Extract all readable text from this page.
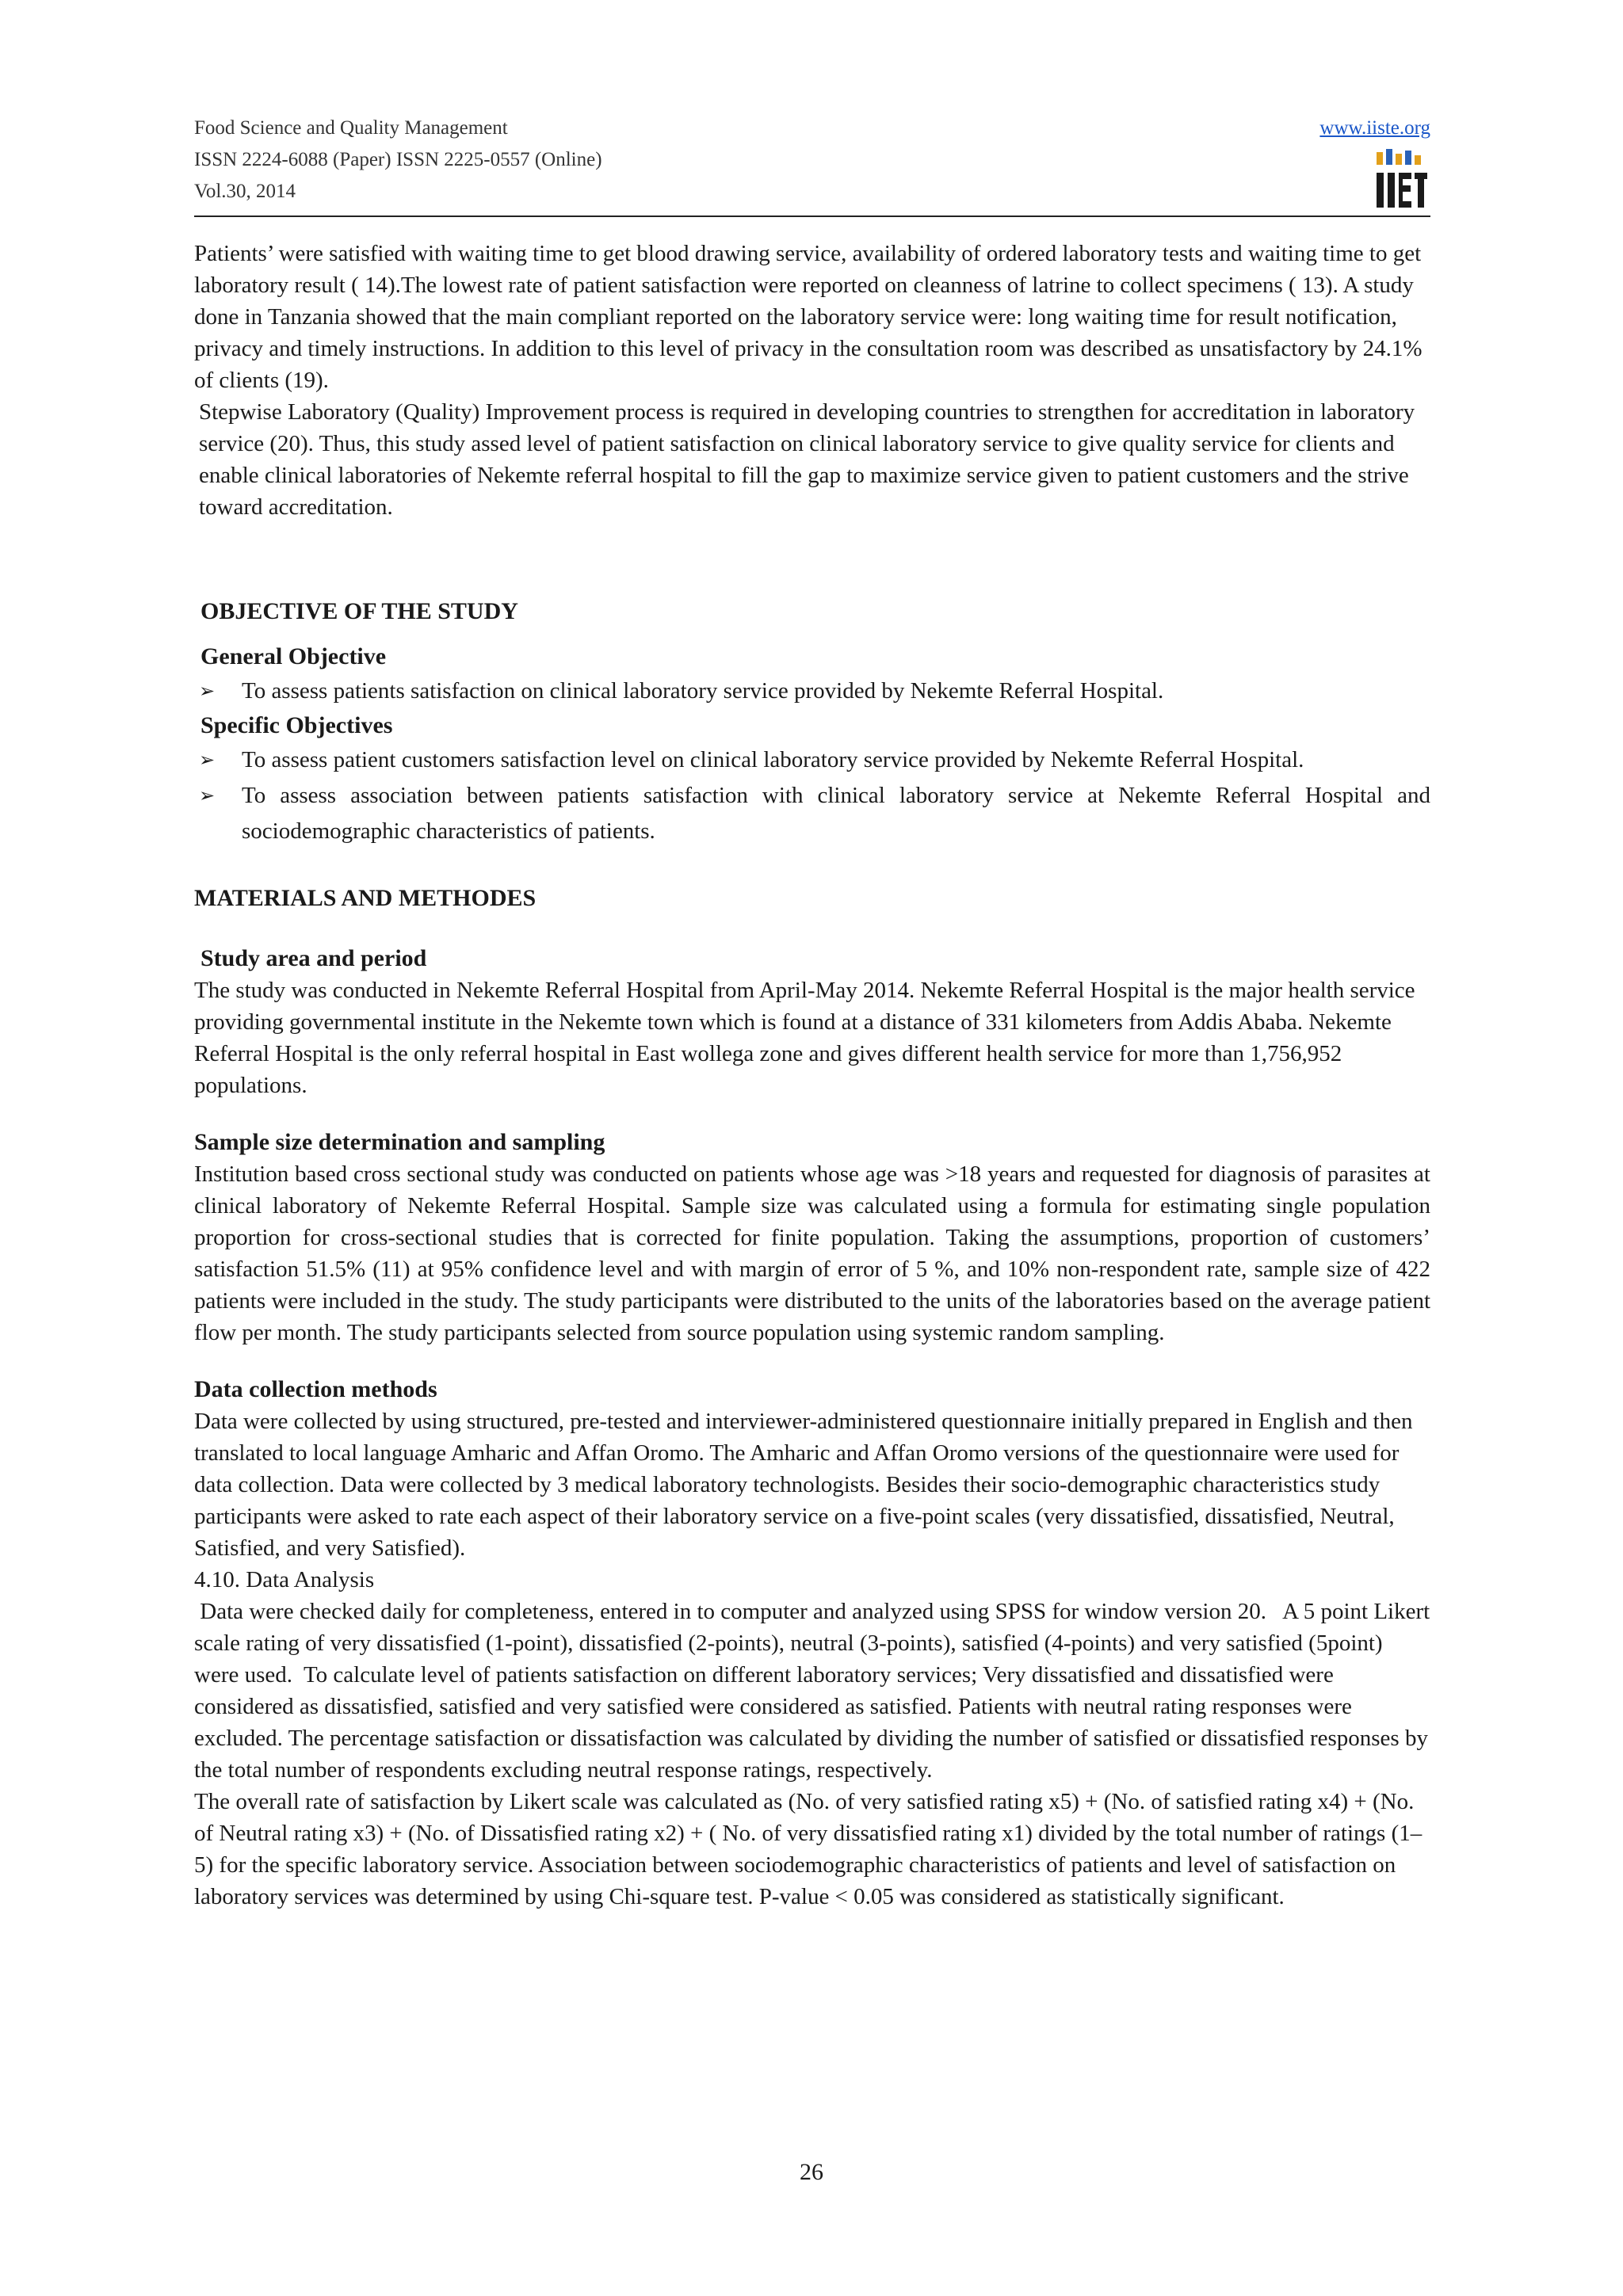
Food Science and Quality Management
ISSN 2224-6088 (Paper) ISSN 2225-0557 (Online)
Vol.30, 2014
www.iiste.org

Patients’ were satisfied with waiting time to get blood drawing service, availability of ordered laboratory tests and waiting time to get laboratory result ( 14).The lowest rate of patient satisfaction were reported on cleanness of latrine to collect specimens ( 13). A study done in Tanzania showed that the main compliant reported on the laboratory service were: long waiting time for result notification, privacy and timely instructions. In addition to this level of privacy in the consultation room was described as unsatisfactory by 24.1% of clients (19).

Stepwise Laboratory (Quality) Improvement process is required in developing countries to strengthen for accreditation in laboratory service (20). Thus, this study assed level of patient satisfaction on clinical laboratory service to give quality service for clients and enable clinical laboratories of Nekemte referral hospital to fill the gap to maximize service given to patient customers and the strive toward accreditation.

OBJECTIVE OF THE STUDY
General Objective
➢ To assess patients satisfaction on clinical laboratory service provided by Nekemte Referral Hospital.
Specific Objectives
➢ To assess patient customers satisfaction level on clinical laboratory service provided by Nekemte Referral Hospital.
➢ To assess association between patients satisfaction with clinical laboratory service at Nekemte Referral Hospital and sociodemographic characteristics of patients.
MATERIALS AND METHODES
Study area and period

The study was conducted in Nekemte Referral Hospital from April-May 2014. Nekemte Referral Hospital is the major health service providing governmental institute in the Nekemte town which is found at a distance of 331 kilometers from Addis Ababa. Nekemte Referral Hospital is the only referral hospital in East wollega zone and gives different health service for more than 1,756,952 populations.

Sample size determination and sampling

Institution based cross sectional study was conducted on patients whose age was >18 years and requested for diagnosis of parasites at clinical laboratory of Nekemte Referral Hospital. Sample size was calculated using a formula for estimating single population proportion for cross-sectional studies that is corrected for finite population. Taking the assumptions, proportion of customers’ satisfaction 51.5% (11) at 95% confidence level and with margin of error of 5 %, and 10% non-respondent rate, sample size of 422 patients were included in the study. The study participants were distributed to the units of the laboratories based on the average patient flow per month. The study participants selected from source population using systemic random sampling.

Data collection methods

Data were collected by using structured, pre-tested and interviewer-administered questionnaire initially prepared in English and then translated to local language Amharic and Affan Oromo. The Amharic and Affan Oromo versions of the questionnaire were used for data collection. Data were collected by 3 medical laboratory technologists. Besides their socio-demographic characteristics study participants were asked to rate each aspect of their laboratory service on a five-point scales (very dissatisfied, dissatisfied, Neutral, Satisfied, and very Satisfied).

4.10. Data Analysis

Data were checked daily for completeness, entered in to computer and analyzed using SPSS for window version 20.   A 5 point Likert scale rating of very dissatisfied (1-point), dissatisfied (2-points), neutral (3-points), satisfied (4-points) and very satisfied (5point) were used.  To calculate level of patients satisfaction on different laboratory services; Very dissatisfied and dissatisfied were considered as dissatisfied, satisfied and very satisfied were considered as satisfied. Patients with neutral rating responses were excluded. The percentage satisfaction or dissatisfaction was calculated by dividing the number of satisfied or dissatisfied responses by the total number of respondents excluding neutral response ratings, respectively.

The overall rate of satisfaction by Likert scale was calculated as (No. of very satisfied rating x5) + (No. of satisfied rating x4) + (No. of Neutral rating x3) + (No. of Dissatisfied rating x2) + ( No. of very dissatisfied rating x1) divided by the total number of ratings (1–5) for the specific laboratory service. Association between sociodemographic characteristics of patients and level of satisfaction on laboratory services was determined by using Chi-square test. P-value < 0.05 was considered as statistically significant.

26
